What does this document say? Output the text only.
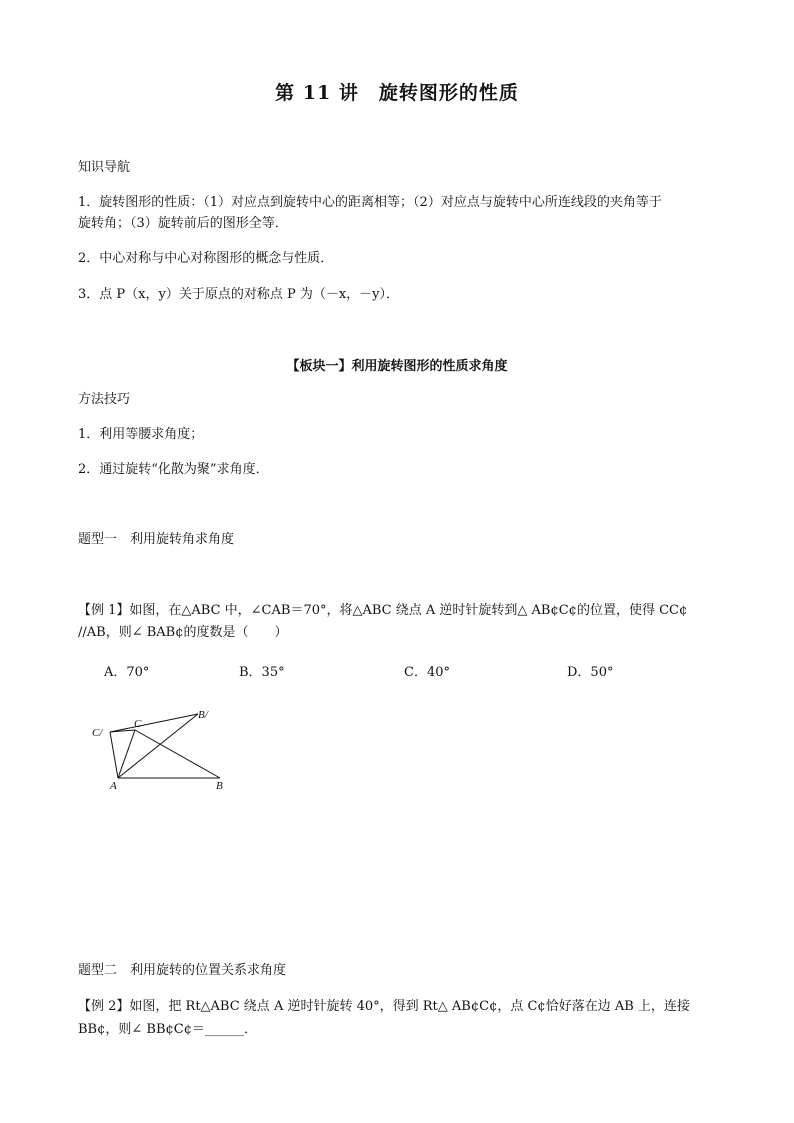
第 11 讲　旋转图形的性质
知识导航
1．旋转图形的性质：（1）对应点到旋转中心的距离相等；（2）对应点与旋转中心所连线段的夹角等于
旋转角；（3）旋转前后的图形全等．
2．中心对称与中心对称图形的概念与性质．
3．点 P（x，y）关于原点的对称点 P 为（－x，－y）．
【板块一】利用旋转图形的性质求角度
方法技巧
1．利用等腰求角度；
2．通过旋转“化散为聚”求角度．
题型一　利用旋转角求角度
【例 1】如图，在△ABC 中，∠CAB＝70°，将△ABC 绕点 A 逆时针旋转到△ AB¢C¢的位置，使得 CC¢
//AB，则∠ BAB¢的度数是（　　）
A．70°	B．35°	C．40°	D．50°
C/
C
B/
A	B
题型二　利用旋转的位置关系求角度
【例 2】如图，把 Rt△ABC 绕点 A 逆时针旋转 40°，得到 Rt△ AB¢C¢，点 C¢恰好落在边 AB 上，连接
BB¢，则∠ BB¢C¢＝______．
